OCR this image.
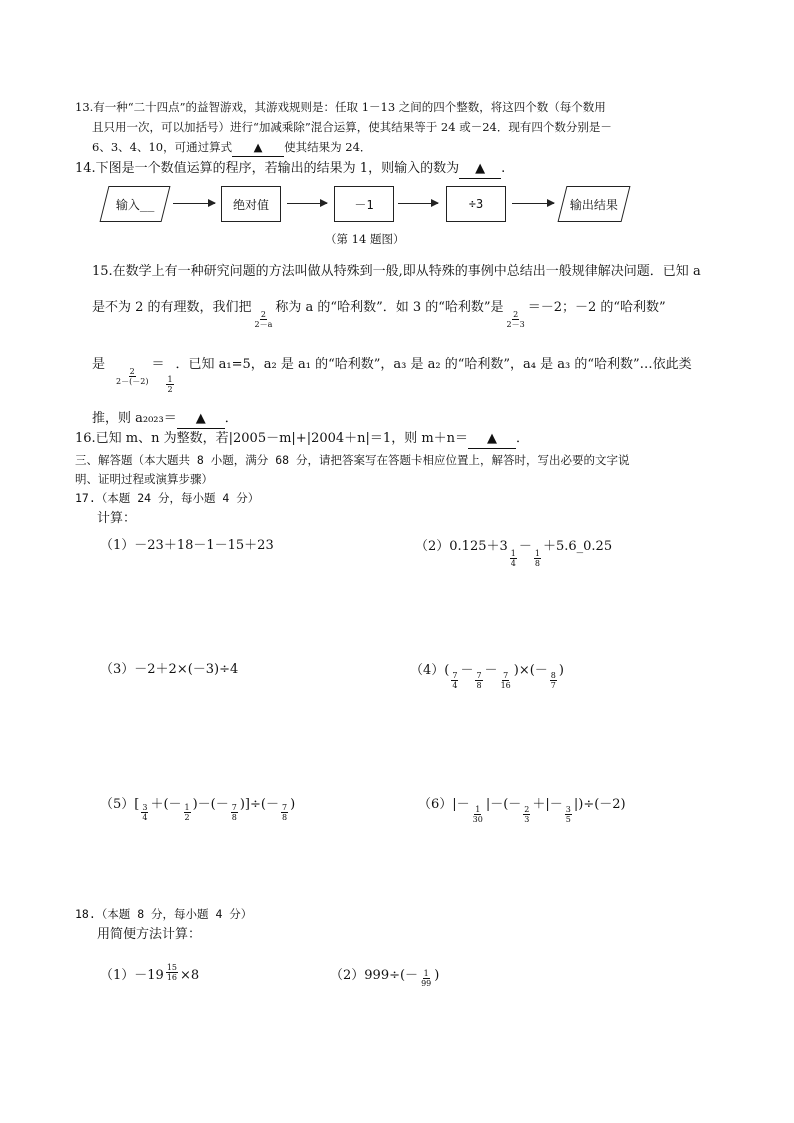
13.有一种“二十四点”的益智游戏，其游戏规则是：任取 1－13 之间的四个整数，将这四个数（每个数用
且只用一次，可以加括号）进行“加减乘除”混合运算，使其结果等于 24 或－24．现有四个数分别是－
6、3、4、10，可通过算式 ▲ 使其结果为 24．
14.下图是一个数值运算的程序，若输出的结果为 1，则输入的数为 ▲ .
输入__	绝对值	－1	÷3	输出结果
（第 14 题图）
15.在数学上有一种研究问题的方法叫做从特殊到一般,即从特殊的事例中总结出一般规律解决问题．已知 a
是不为 2 的有理数，我们把
$\frac{2}{2-a}$
称为 a 的“哈利数”．如 3 的“哈利数”是
$\frac{2}{2-3}$
＝－2；－2 的“哈利数”
是
$\frac{2}{2-(-2)}$
＝
$\frac{1}{2}$
．已知 a₁=5，a₂ 是 a₁ 的“哈利数”，a₃ 是 a₂ 的“哈利数”，a₄ 是 a₃ 的“哈利数”…依此类
推，则 a₂₀₂₃＝ ▲ ．
16.已知 m、n 为整数，若|2005－m|+|2004＋n|＝1，则 m＋n＝ ▲ ．
三、解答题（本大题共 8 小题，满分 68 分，请把答案写在答题卡相应位置上，解答时，写出必要的文字说
明、证明过程或演算步骤）
17.（本题 24 分，每小题 4 分）
计算：
（1）－23＋18－1－15＋23	（2）0.125＋3
$\frac{1}{4}$
－
$\frac{1}{8}$
＋5.6_0.25
（3）－2＋2×(－3)÷4	（4）(
$\frac{7}{4}$
－
$\frac{7}{8}$
－
$\frac{7}{16}$
)×(－
$\frac{8}{7}$
)
$(5)[ \frac{3}{4}$ ＋(－ $\frac{1}{2}$ )－(－ $\frac{7}{8}$ )]÷(－ $\frac{7}{8}$ )	（6）|－
$\frac{1}{30}$
|－(－
$\frac{2}{3}$
＋|－
$\frac{3}{5}$
|)÷(－2)
18.（本题 8 分，每小题 4 分）
用简便方法计算：
$(1)-19 \frac{15}{16} \times 8$	$(2)999\div(- \frac{1}{99}$ )
